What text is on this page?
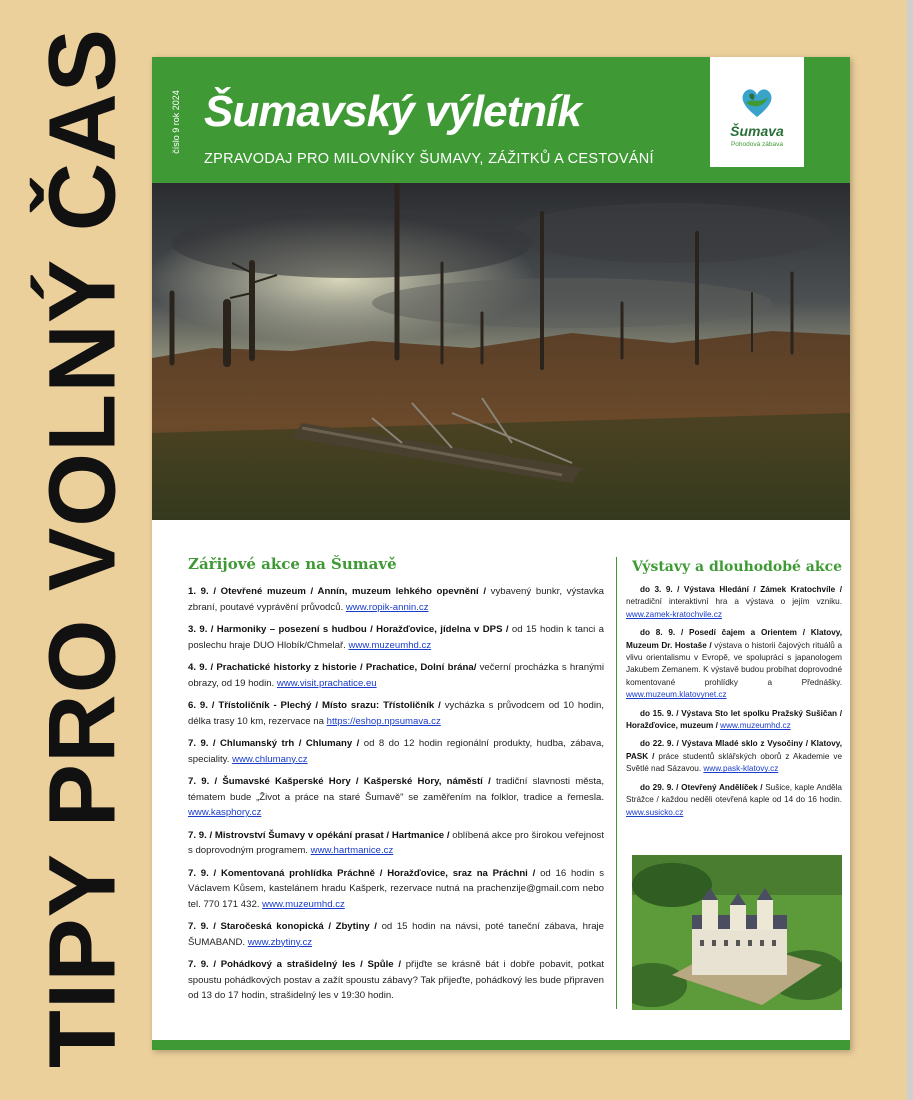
TIPY PRO VOLNÝ ČAS	číslo 9 rok 2024 Šumavský výletník
ZPRAVODAJ PRO MILOVNÍKY ŠUMAVY, ZÁŽITKŮ A CESTOVÁNÍ
Šumava
Pohodová zábava
Zářijové akce na Šumavě

1. 9. / Otevřené muzeum / Annín, muzeum lehkého opevnění / vybavený bunkr, výstavka zbraní, poutavé vyprávění průvodců. www.ropik-annin.cz

3. 9. / Harmoniky – posezení s hudbou / Horažďovice, jídelna v DPS / od 15 hodin k tanci a poslechu hraje DUO Hlobík/Chmelař. www.muzeumhd.cz

4. 9. / Prachatické historky z historie / Prachatice, Dolní brána/ večerní procházka s hranými obrazy, od 19 hodin. www.visit.prachatice.eu

6. 9. / Třístoličník - Plechý / Místo srazu: Třístoličník / vycházka s průvodcem od 10 hodin, délka trasy 10 km, rezervace na https://eshop.npsumava.cz

7. 9. / Chlumanský trh / Chlumany / od 8 do 12 hodin regionální produkty, hudba, zábava, speciality. www.chlumany.cz

7. 9. / Šumavské Kašperské Hory / Kašperské Hory, náměstí / tradiční slavnosti města, tématem bude „Život a práce na staré Šumavě" se zaměřením na folklor, tradice a řemesla. www.kasphory.cz

7. 9. / Mistrovství Šumavy v opékání prasat / Hartmanice / oblíbená akce pro širokou veřejnost s doprovodným programem. www.hartmanice.cz

7. 9. / Komentovaná prohlídka Práchně / Horažďovice, sraz na Práchni / od 16 hodin s Václavem Kůsem, kastelánem hradu Kašperk, rezervace nutná na prachenzije@gmail.com nebo tel. 770 171 432. www.muzeumhd.cz

7. 9. / Staročeská konopická / Zbytiny / od 15 hodin na návsi, poté taneční zábava, hraje ŠUMABAND. www.zbytiny.cz

7. 9. / Pohádkový a strašidelný les / Spůle / přijďte se krásně bát i dobře pobavit, potkat spoustu pohádkových postav a zažít spoustu zábavy? Tak přijeďte, pohádkový les bude připraven od 13 do 17 hodin, strašidelný les v 19:30 hodin.

Výstavy a dlouhodobé akce

do 3. 9. / Výstava Hledání / Zámek Kratochvíle / netradiční interaktivní hra a výstava o jejím vzniku. www.zamek-kratochvile.cz

do 8. 9. / Posedí čajem a Orientem / Klatovy, Muzeum Dr. Hostaše / výstava o historii čajových rituálů a vlivu orientalismu v Evropě, ve spolupráci s japanologem Jakubem Zemanem. K výstavě budou probíhat doprovodné komentované prohlídky a Přednášky. www.muzeum.klatovynet.cz

do 15. 9. / Výstava Sto let spolku Pražský Sušičan / Horažďovice, muzeum / www.muzeumhd.cz

do 22. 9. / Výstava Mladé sklo z Vysočiny / Klatovy, PASK / práce studentů sklářských oborů z Akademie ve Světlé nad Sázavou. www.pask-klatovy.cz

do 29. 9. / Otevřený Andělíček / Sušice, kaple Anděla Strážce / každou neděli otevřená kaple od 14 do 16 hodin. www.susicko.cz
